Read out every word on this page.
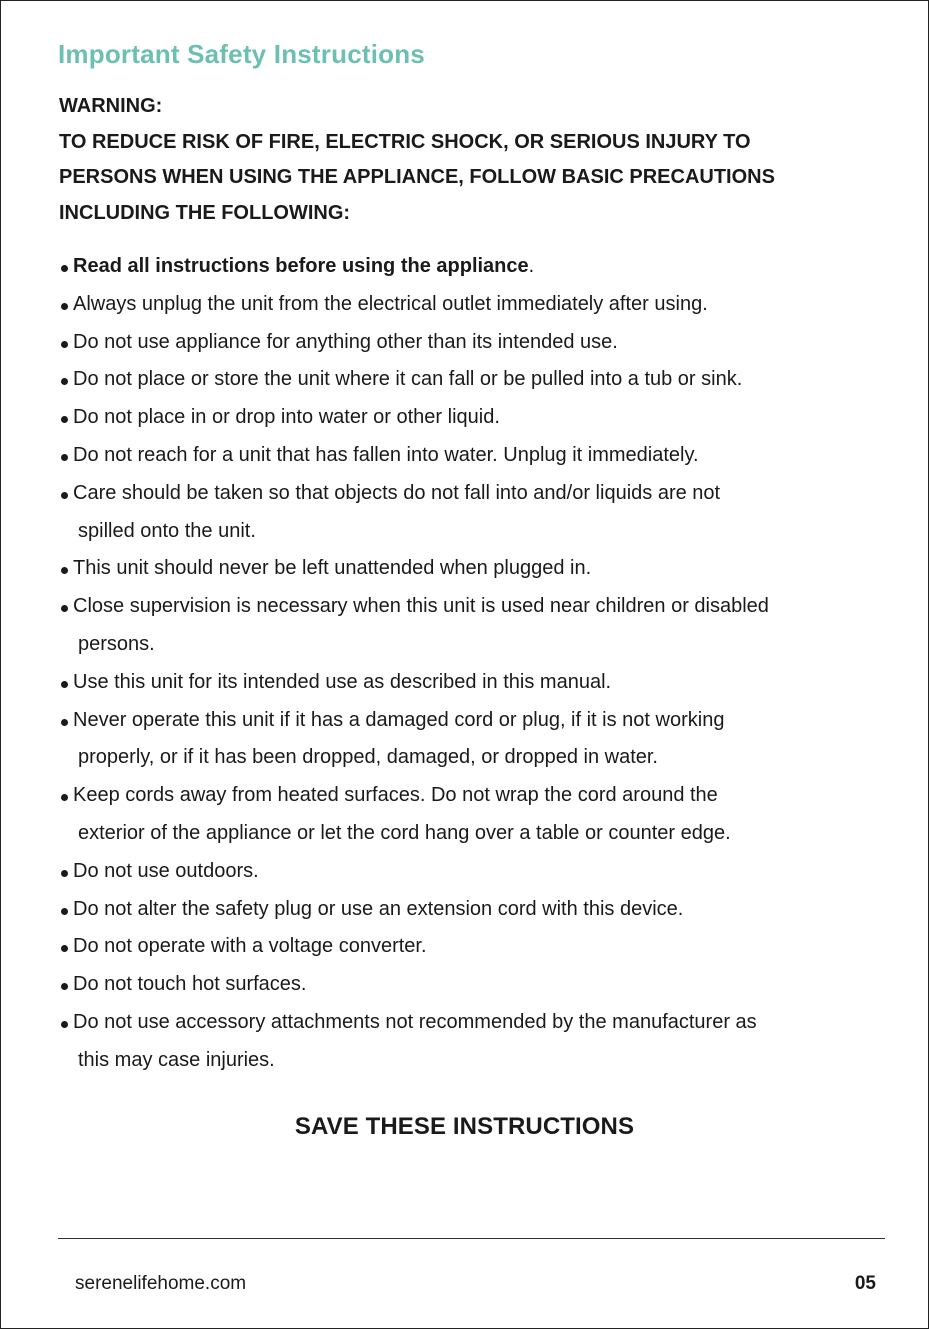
Important Safety Instructions
WARNING:
TO REDUCE RISK OF FIRE, ELECTRIC SHOCK, OR SERIOUS INJURY TO
PERSONS WHEN USING THE APPLIANCE, FOLLOW BASIC PRECAUTIONS
INCLUDING THE FOLLOWING:
Read all instructions before using the appliance.
Always unplug the unit from the electrical outlet immediately after using.
Do not use appliance for anything other than its intended use.
Do not place or store the unit where it can fall or be pulled into a tub or sink.
Do not place in or drop into water or other liquid.
Do not reach for a unit that has fallen into water. Unplug it immediately.
Care should be taken so that objects do not fall into and/or liquids are not
spilled onto the unit.
This unit should never be left unattended when plugged in.
Close supervision is necessary when this unit is used near children or disabled
persons.
Use this unit for its intended use as described in this manual.
Never operate this unit if it has a damaged cord or plug, if it is not working
properly, or if it has been dropped, damaged, or dropped in water.
Keep cords away from heated surfaces. Do not wrap the cord around the
exterior of the appliance or let the cord hang over a table or counter edge.
Do not use outdoors.
Do not alter the safety plug or use an extension cord with this device.
Do not operate with a voltage converter.
Do not touch hot surfaces.
Do not use accessory attachments not recommended by the manufacturer as
this may case injuries.
SAVE THESE INSTRUCTIONS
serenelifehome.com	05
